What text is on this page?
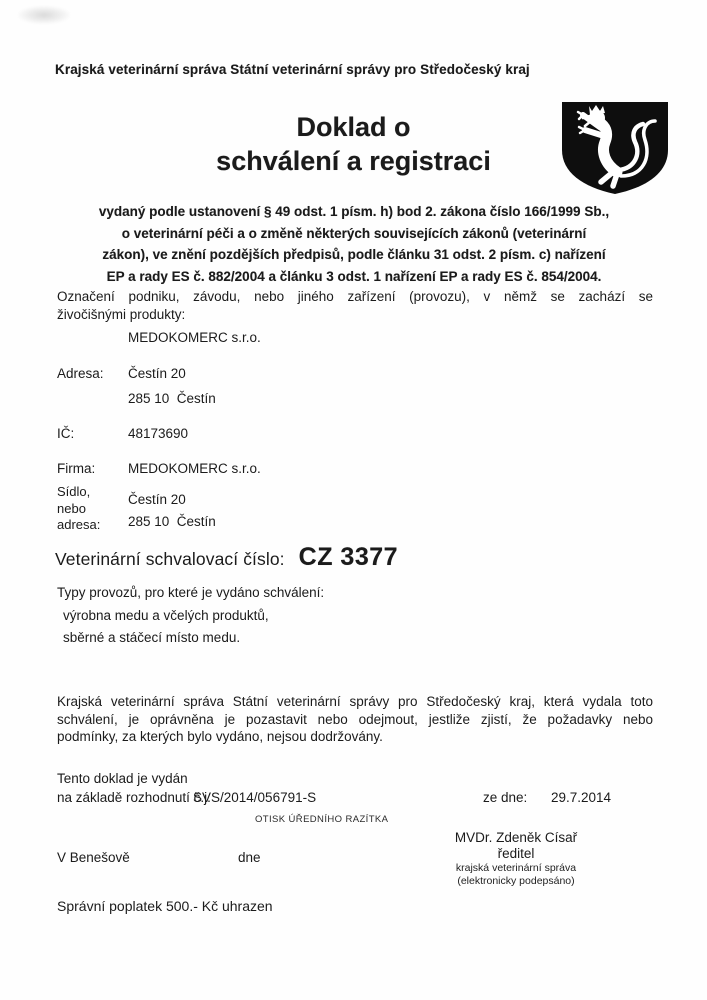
Krajská veterinární správa Státní veterinární správy pro Středočeský kraj
Doklad o
schválení a registraci
vydaný podle ustanovení § 49 odst. 1 písm. h) bod 2. zákona číslo 166/1999 Sb.,
o veterinární péči a o změně některých souvisejících zákonů (veterinární
zákon), ve znění pozdějších předpisů, podle článku 31 odst. 2 písm. c) nařízení
EP a rady ES č. 882/2004 a článku 3 odst. 1 nařízení EP a rady ES č. 854/2004.
Označení podniku, závodu, nebo jiného zařízení (provozu), v němž se zachází se
živočišnými produkty:
MEDOKOMERC s.r.o.
Adresa: Čestín 20
285 10  Čestín
IČ:	48173690
Firma: MEDOKOMERC s.r.o.
Sídlo,
nebo
adresa:
Čestín 20
285 10  Čestín
Veterinární schvalovací číslo: CZ 3377
Typy provozů, pro které je vydáno schválení:
výrobna medu a včelých produktů,
sběrné a stáčecí místo medu.
Krajská veterinární správa Státní veterinární správy pro Středočeský kraj, která vydala toto
schválení, je oprávněna je pozastavit nebo odejmout, jestliže zjistí, že požadavky nebo
podmínky, za kterých bylo vydáno, nejsou dodržovány.
Tento doklad je vydán
na základě rozhodnutí č.j.
SVS/2014/056791-S	ze dne: 29.7.2014
OTISK ÚŘEDNÍHO RAZÍTKA
MVDr. Zdeněk Císař
ředitel
krajská veterinární správa
(elektronicky podepsáno)
V Benešově	dne
Správní poplatek 500.- Kč uhrazen
